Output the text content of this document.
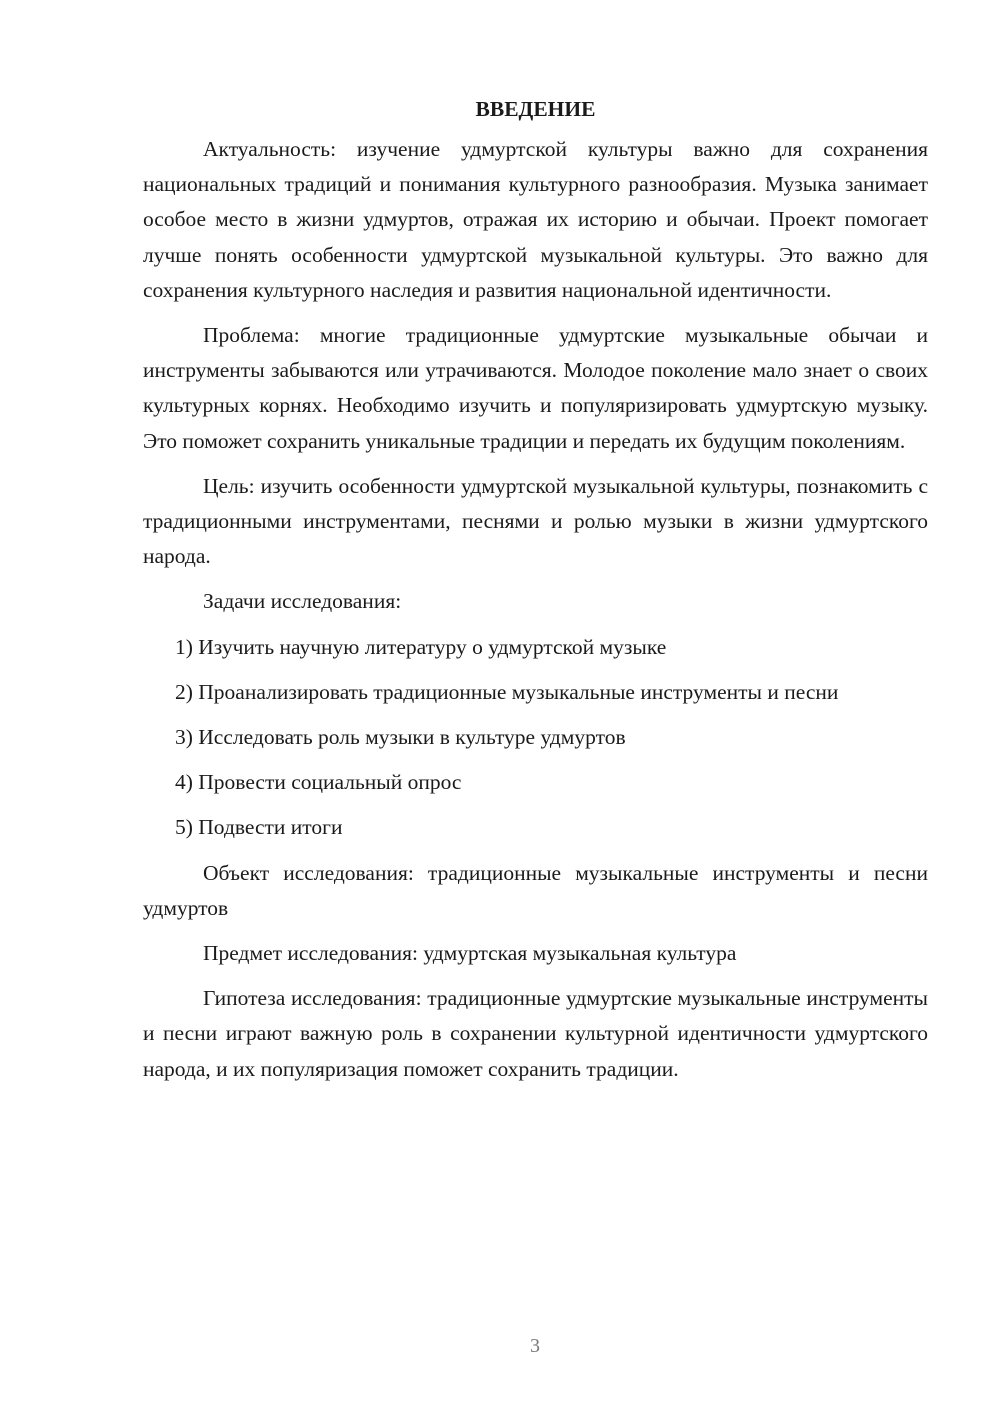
ВВЕДЕНИЕ

Актуальность: изучение удмуртской культуры важно для сохранения национальных традиций и понимания культурного разнообразия. Музыка занимает особое место в жизни удмуртов, отражая их историю и обычаи. Проект помогает лучше понять особенности удмуртской музыкальной культуры. Это важно для сохранения культурного наследия и развития национальной идентичности.

Проблема: многие традиционные удмуртские музыкальные обычаи и инструменты забываются или утрачиваются. Молодое поколение мало знает о своих культурных корнях. Необходимо изучить и популяризировать удмуртскую музыку. Это поможет сохранить уникальные традиции и передать их будущим поколениям.

Цель: изучить особенности удмуртской музыкальной культуры, познакомить с традиционными инструментами, песнями и ролью музыки в жизни удмуртского народа.

Задачи исследования:

1) Изучить научную литературу о удмуртской музыке

2) Проанализировать традиционные музыкальные инструменты и песни

3) Исследовать роль музыки в культуре удмуртов

4) Провести социальный опрос

5) Подвести итоги

Объект исследования: традиционные музыкальные инструменты и песни удмуртов

Предмет исследования: удмуртская музыкальная культура

Гипотеза исследования: традиционные удмуртские музыкальные инструменты и песни играют важную роль в сохранении культурной идентичности удмуртского народа, и их популяризация поможет сохранить традиции.

3
